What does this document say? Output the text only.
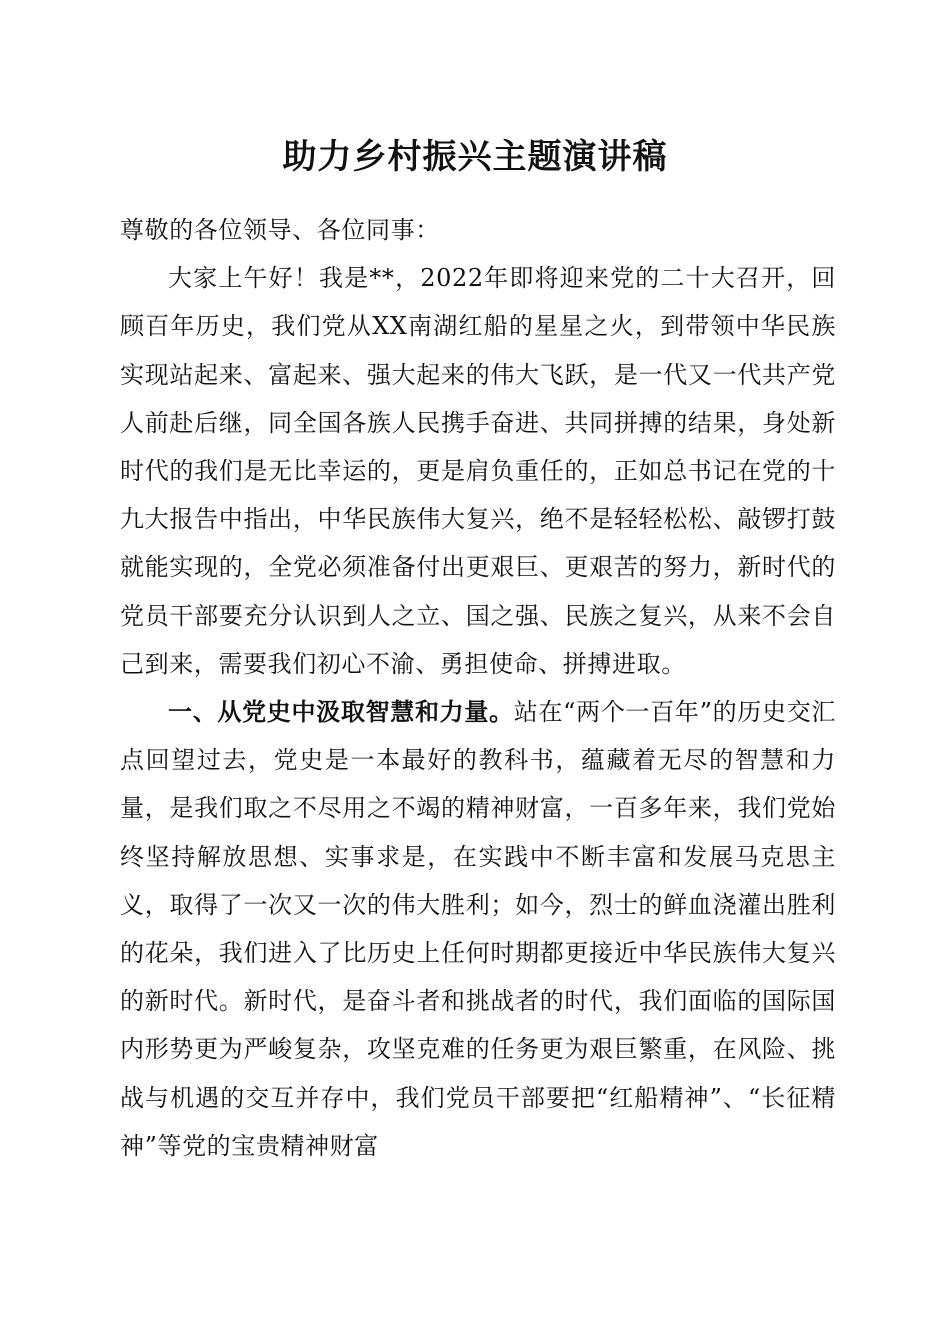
助力乡村振兴主题演讲稿

尊敬的各位领导、各位同事：

大家上午好！我是**，2022年即将迎来党的二十大召开，回顾百年历史，我们党从XX南湖红船的星星之火，到带领中华民族实现站起来、富起来、强大起来的伟大飞跃，是一代又一代共产党人前赴后继，同全国各族人民携手奋进、共同拼搏的结果，身处新时代的我们是无比幸运的，更是肩负重任的，正如总书记在党的十九大报告中指出，中华民族伟大复兴，绝不是轻轻松松、敲锣打鼓就能实现的，全党必须准备付出更艰巨、更艰苦的努力，新时代的党员干部要充分认识到人之立、国之强、民族之复兴，从来不会自己到来，需要我们初心不渝、勇担使命、拼搏进取。

一、从党史中汲取智慧和力量。站在“两个一百年”的历史交汇点回望过去，党史是一本最好的教科书，蕴藏着无尽的智慧和力量，是我们取之不尽用之不竭的精神财富，一百多年来，我们党始终坚持解放思想、实事求是，在实践中不断丰富和发展马克思主义，取得了一次又一次的伟大胜利；如今，烈士的鲜血浇灌出胜利的花朵，我们进入了比历史上任何时期都更接近中华民族伟大复兴的新时代。新时代，是奋斗者和挑战者的时代，我们面临的国际国内形势更为严峻复杂，攻坚克难的任务更为艰巨繁重，在风险、挑战与机遇的交互并存中，我们党员干部要把“红船精神”、“长征精神”等党的宝贵精神财富
